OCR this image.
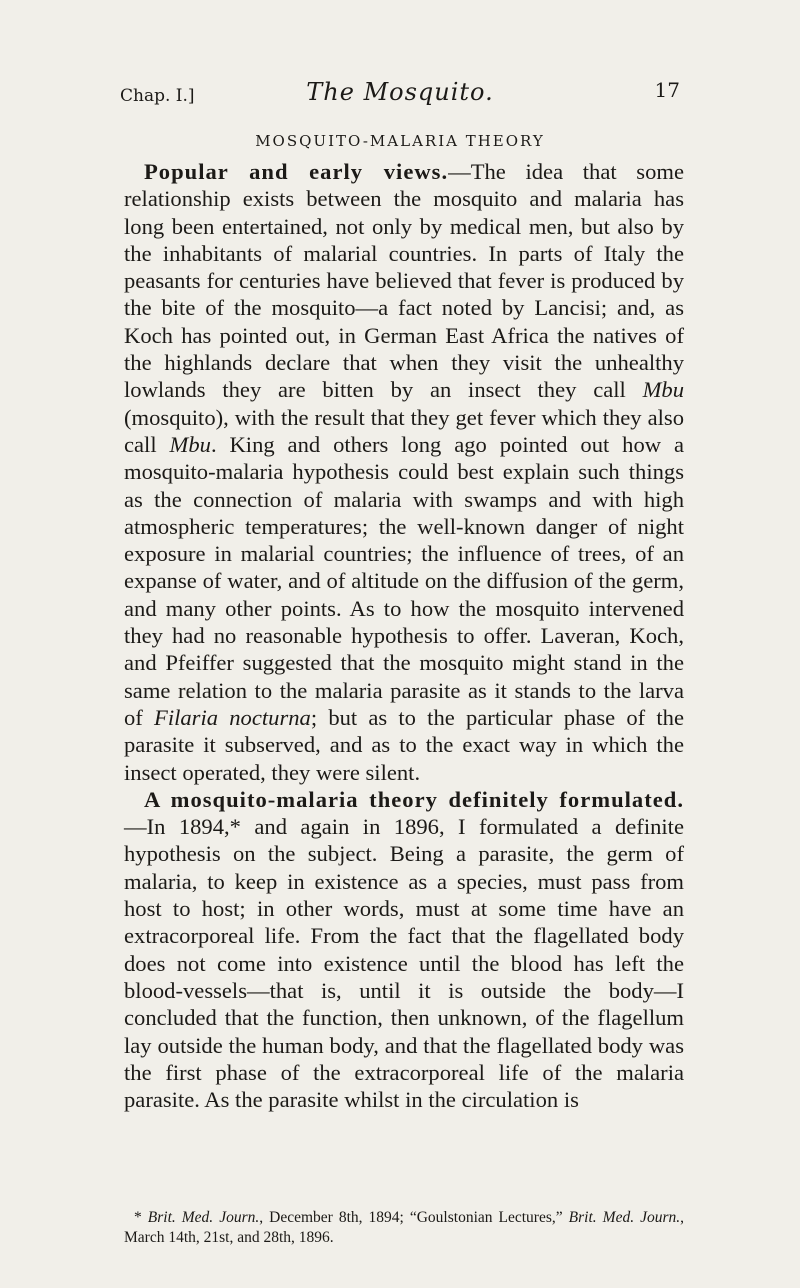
Chap. I.]	The Mosquito.	17
MOSQUITO-MALARIA THEORY

Popular and early views.—The idea that some relationship exists between the mosquito and malaria has long been entertained, not only by medical men, but also by the inhabitants of malarial countries. In parts of Italy the peasants for centuries have believed that fever is produced by the bite of the mosquito—a fact noted by Lancisi; and, as Koch has pointed out, in German East Africa the natives of the highlands declare that when they visit the unhealthy lowlands they are bitten by an insect they call Mbu (mosquito), with the result that they get fever which they also call Mbu. King and others long ago pointed out how a mosquito-malaria hypothesis could best explain such things as the connection of malaria with swamps and with high atmospheric temperatures; the well-known danger of night exposure in malarial countries; the influence of trees, of an expanse of water, and of altitude on the diffusion of the germ, and many other points. As to how the mosquito intervened they had no reasonable hypothesis to offer. Laveran, Koch, and Pfeiffer suggested that the mosquito might stand in the same relation to the malaria parasite as it stands to the larva of Filaria nocturna; but as to the particular phase of the parasite it subserved, and as to the exact way in which the insect operated, they were silent.

A mosquito-malaria theory definitely formulated.—In 1894,* and again in 1896, I formulated a definite hypothesis on the subject. Being a parasite, the germ of malaria, to keep in existence as a species, must pass from host to host; in other words, must at some time have an extracorporeal life. From the fact that the flagellated body does not come into existence until the blood has left the blood-vessels—that is, until it is outside the body—I concluded that the function, then unknown, of the flagellum lay outside the human body, and that the flagellated body was the first phase of the extracorporeal life of the malaria parasite. As the parasite whilst in the circulation is

* Brit. Med. Journ., December 8th, 1894; “Goulstonian Lectures,” Brit. Med. Journ., March 14th, 21st, and 28th, 1896.
